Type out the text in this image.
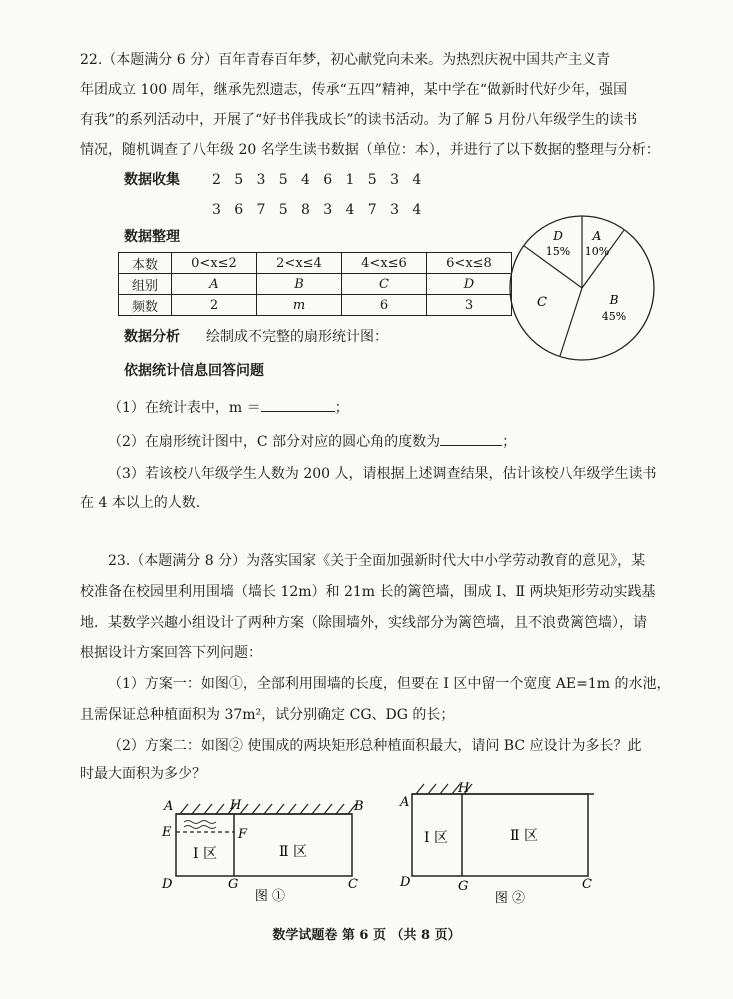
22.（本题满分 6 分）百年青春百年梦，初心献党向未来。为热烈庆祝中国共产主义青
年团成立 100 周年，继承先烈遗志，传承“五四”精神，某中学在“做新时代好少年，强国
有我”的系列活动中，开展了“好书伴我成长”的读书活动。为了解 5 月份八年级学生的读书
情况，随机调查了八年级 20 名学生读书数据（单位：本），并进行了以下数据的整理与分析：
数据收集	2   5   3   5   4   6   1   5   3   4
3   6   7   5   8   3   4   7   3   4
数据整理
本数	0<x≤2	2<x≤4	4<x≤6	6<x≤8
组别	A	B	C	D
频数	2	m	6	3
D
15%
A
10%
B
45%
C
数据分析	绘制成不完整的扇形统计图：
依据统计信息回答问题
（1）在统计表中，m ＝	；
（2）在扇形统计图中，C 部分对应的圆心角的度数为	；
（3）若该校八年级学生人数为 200 人，请根据上述调查结果，估计该校八年级学生读书
在 4 本以上的人数.
23.（本题满分 8 分）为落实国家《关于全面加强新时代大中小学劳动教育的意见》，某
校准备在校园里利用围墙（墙长 12m）和 21m 长的篱笆墙，围成 Ⅰ、Ⅱ 两块矩形劳动实践基
地．某数学兴趣小组设计了两种方案（除围墙外，实线部分为篱笆墙，且不浪费篱笆墙），请
根据设计方案回答下列问题：
（1）方案一：如图①，全部利用围墙的长度，但要在 Ⅰ 区中留一个宽度 AE=1m 的水池，
且需保证总种植面积为 37m²，试分别确定 CG、DG 的长；
（2）方案二：如图② 使围成的两块矩形总种植面积最大，请问 BC 应设计为多长？此
时最大面积为多少？
A	H	B
E	F
D	G	C
Ⅰ 区	Ⅱ 区
图 ①
H
A
D	G	C
Ⅰ 区	Ⅱ 区
图 ②
数学试题卷 第 6 页 （共 8 页）
